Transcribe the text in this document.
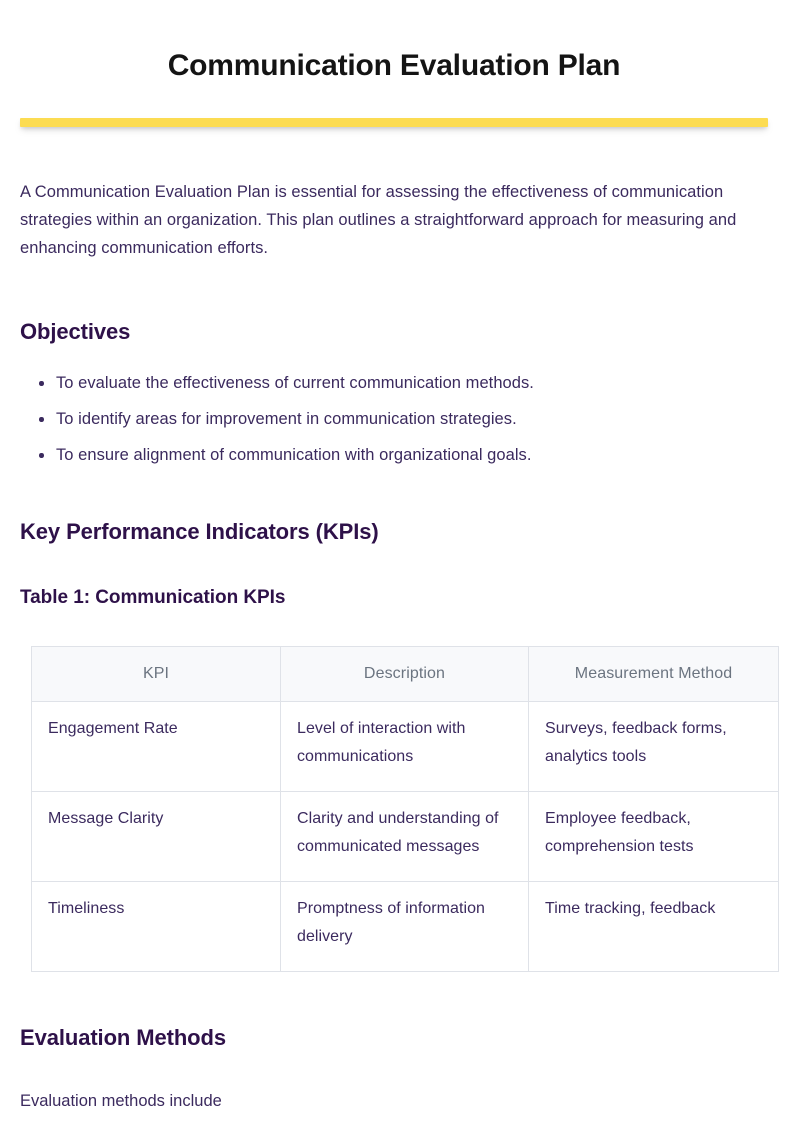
Communication Evaluation Plan

A Communication Evaluation Plan is essential for assessing the effectiveness of communication strategies within an organization. This plan outlines a straightforward approach for measuring and enhancing communication efforts.

Objectives
To evaluate the effectiveness of current communication methods.
To identify areas for improvement in communication strategies.
To ensure alignment of communication with organizational goals.
Key Performance Indicators (KPIs)
Table 1: Communication KPIs
KPI	Description	Measurement Method
Engagement Rate	Level of interaction with communications	Surveys, feedback forms, analytics tools
Message Clarity	Clarity and understanding of communicated messages	Employee feedback, comprehension tests
Timeliness	Promptness of information delivery	Time tracking, feedback
Evaluation Methods

Evaluation methods include
